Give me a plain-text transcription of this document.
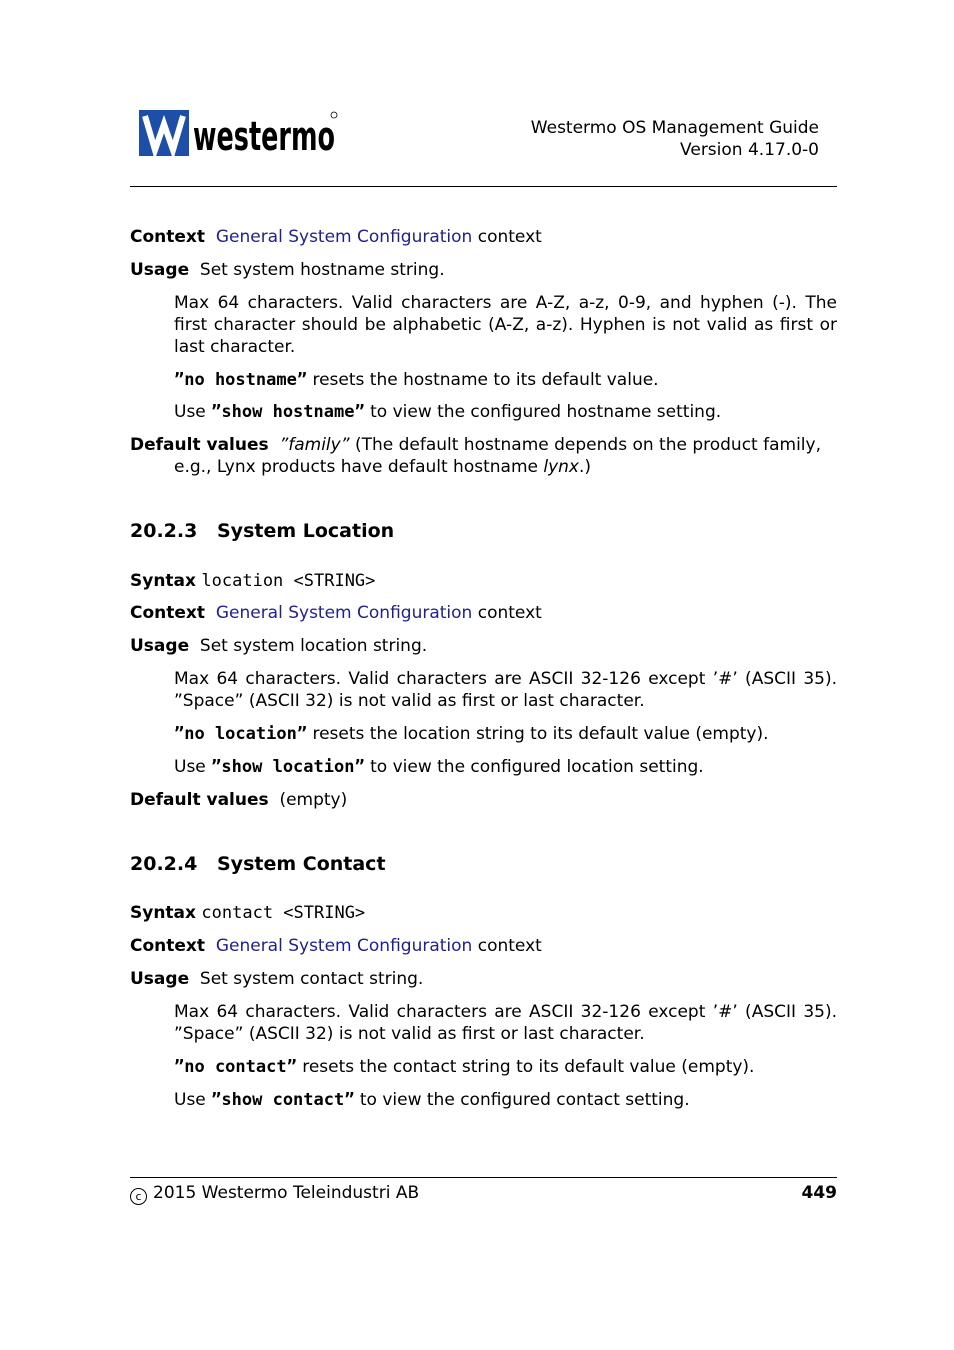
westermo	Westermo OS Management Guide
Version 4.17.0-0
Context General System Configuration context
Usage Set system hostname string.
Max 64 characters. Valid characters are A-Z, a-z, 0-9, and hyphen (-). The first character should be alphabetic (A-Z, a-z). Hyphen is not valid as first or last character.
”no hostname” resets the hostname to its default value.
Use ”show hostname” to view the configured hostname setting.
Default values ”family” (The default hostname depends on the product family,
e.g., Lynx products have default hostname lynx.)
20.2.3 System Location
Syntax location <STRING>
Context General System Configuration context
Usage Set system location string.
Max 64 characters. Valid characters are ASCII 32-126 except ’#’ (ASCII 35). ”Space” (ASCII 32) is not valid as first or last character.
”no location” resets the location string to its default value (empty).
Use ”show location” to view the configured location setting.
Default values (empty)
20.2.4 System Contact
Syntax contact <STRING>
Context General System Configuration context
Usage Set system contact string.
Max 64 characters. Valid characters are ASCII 32-126 except ’#’ (ASCII 35). ”Space” (ASCII 32) is not valid as first or last character.
”no contact” resets the contact string to its default value (empty).
Use ”show contact” to view the configured contact setting.
c 2015 Westermo Teleindustri AB	449
